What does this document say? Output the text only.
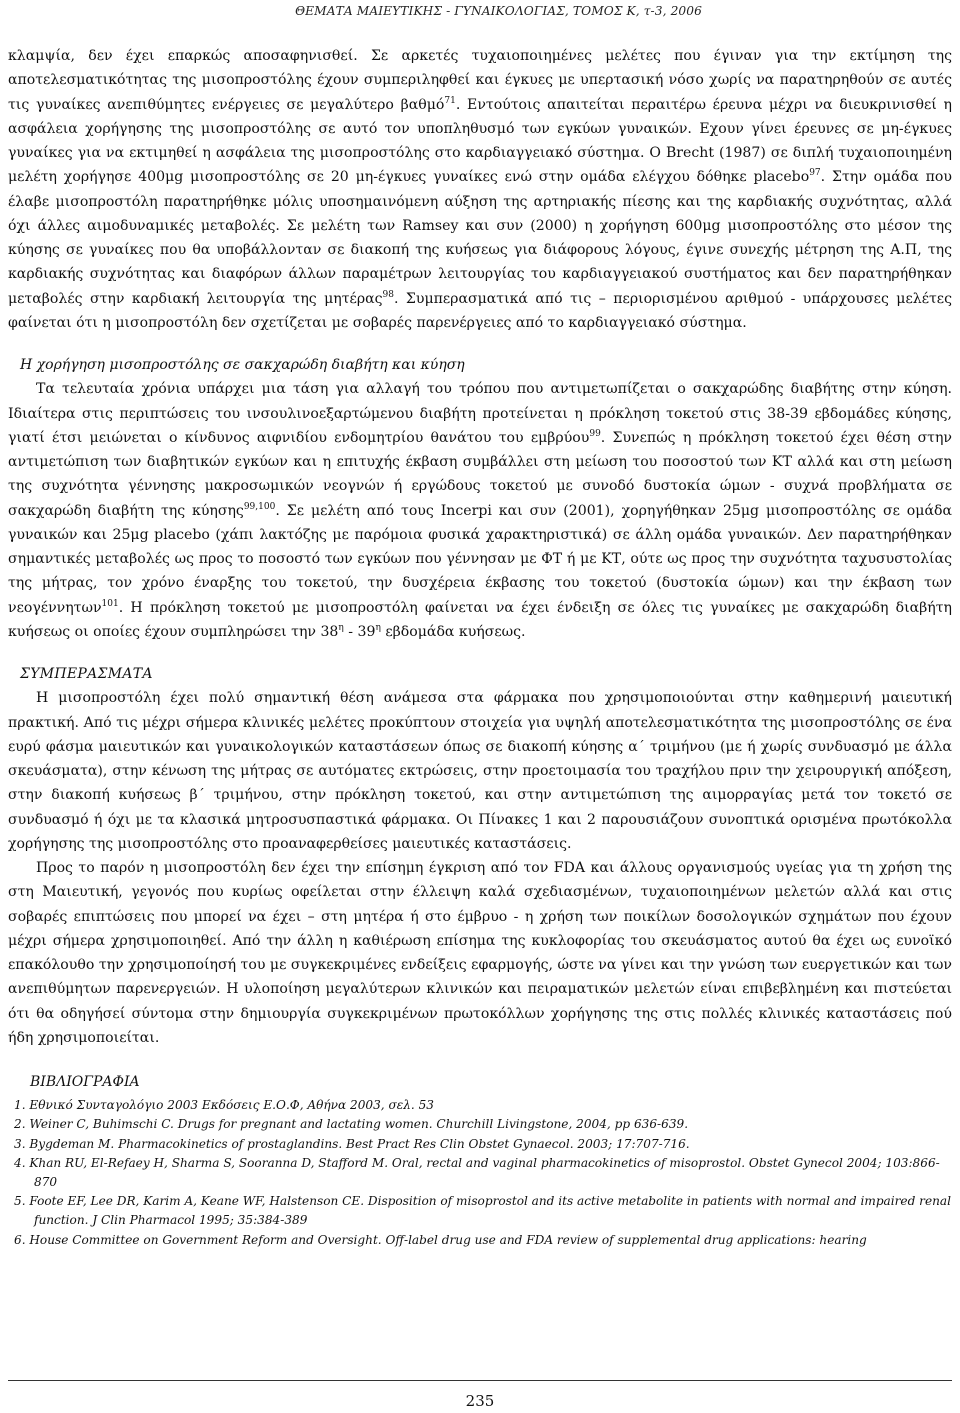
ΘΕΜΑΤΑ ΜΑΙΕΥΤΙΚΗΣ - ΓΥΝΑΙΚΟΛΟΓΙΑΣ, ΤΟΜΟΣ Κ, τ-3, 2006

κλαμψία, δεν έχει επαρκώς αποσαφηνισθεί. Σε αρκετές τυχαιοποιημένες μελέτες που έγιναν για την εκτίμηση της αποτελεσματικότητας της μισοπροστόλης έχουν συμπεριληφθεί και έγκυες με υπερτασική νόσο χωρίς να παρατηρηθούν σε αυτές τις γυναίκες ανεπιθύμητες ενέργειες σε μεγαλύτερο βαθμό$^{71}$. Εντούτοις απαιτείται περαιτέρω έρευνα μέχρι να διευκρινισθεί η ασφάλεια χορήγησης της μισοπροστόλης σε αυτό τον υποπληθυσμό των εγκύων γυναικών. Εχουν γίνει έρευνες σε μη-έγκυες γυναίκες για να εκτιμηθεί η ασφάλεια της μισοπροστόλης στο καρδιαγγειακό σύστημα. Ο Brecht (1987) σε διπλή τυχαιοποιημένη μελέτη χορήγησε 400μg μισοπροστόλης σε 20 μη-έγκυες γυναίκες ενώ στην ομάδα ελέγχου δόθηκε placebo$^{97}$. Στην ομάδα που έλαβε μισοπροστόλη παρατηρήθηκε μόλις υποσημαινόμενη αύξηση της αρτηριακής πίεσης και της καρδιακής συχνότητας, αλλά όχι άλλες αιμοδυναμικές μεταβολές. Σε μελέτη των Ramsey και συν (2000) η χορήγηση 600μg μισοπροστόλης στο μέσον της κύησης σε γυναίκες που θα υποβάλλονταν σε διακοπή της κυήσεως για διάφορους λόγους, έγινε συνεχής μέτρηση της Α.Π, της καρδιακής συχνότητας και διαφόρων άλλων παραμέτρων λειτουργίας του καρδιαγγειακού συστήματος και δεν παρατηρήθηκαν μεταβολές στην καρδιακή λειτουργία της μητέρας$^{98}$. Συμπερασματικά από τις – περιορισμένου αριθμού - υπάρχουσες μελέτες φαίνεται ότι η μισοπροστόλη δεν σχετίζεται με σοβαρές παρενέργειες από το καρδιαγγειακό σύστημα.

Η χορήγηση μισοπροστόλης σε σακχαρώδη διαβήτη και κύηση

Τα τελευταία χρόνια υπάρχει μια τάση για αλλαγή του τρόπου που αντιμετωπίζεται ο σακχαρώδης διαβήτης στην κύηση. Ιδιαίτερα στις περιπτώσεις του ινσουλινοεξαρτώμενου διαβήτη προτείνεται η πρόκληση τοκετού στις 38-39 εβδομάδες κύησης, γιατί έτσι μειώνεται ο κίνδυνος αιφνιδίου ενδομητρίου θανάτου του εμβρύου$^{99}$. Συνεπώς η πρόκληση τοκετού έχει θέση στην αντιμετώπιση των διαβητικών εγκύων και η επιτυχής έκβαση συμβάλλει στη μείωση του ποσοστού των ΚΤ αλλά και στη μείωση της συχνότητα γέννησης μακροσωμικών νεογνών ή εργώδους τοκετού με συνοδό δυστοκία ώμων - συχνά προβλήματα σε σακχαρώδη διαβήτη της κύησης$^{99,100}$. Σε μελέτη από τους Incerpi και συν (2001), χορηγήθηκαν 25μg μισοπροστόλης σε ομάδα γυναικών και 25μg placebo (χάπι λακτόζης με παρόμοια φυσικά χαρακτηριστικά) σε άλλη ομάδα γυναικών. Δεν παρατηρήθηκαν σημαντικές μεταβολές ως προς το ποσοστό των εγκύων που γέννησαν με ΦΤ ή με ΚΤ, ούτε ως προς την συχνότητα ταχυσυστολίας της μήτρας, τον χρόνο έναρξης του τοκετού, την δυσχέρεια έκβασης του τοκετού (δυστοκία ώμων) και την έκβαση των νεογέννητων$^{101}$. Η πρόκληση τοκετού με μισοπροστόλη φαίνεται να έχει ένδειξη σε όλες τις γυναίκες με σακχαρώδη διαβήτη κυήσεως οι οποίες έχουν συμπληρώσει την $38^\eta - 39^\eta$ εβδομάδα κυήσεως.

ΣΥΜΠΕΡΑΣΜΑΤΑ

Η μισοπροστόλη έχει πολύ σημαντική θέση ανάμεσα στα φάρμακα που χρησιμοποιούνται στην καθημερινή μαιευτική πρακτική. Από τις μέχρι σήμερα κλινικές μελέτες προκύπτουν στοιχεία για υψηλή αποτελεσματικότητα της μισοπροστόλης σε ένα ευρύ φάσμα μαιευτικών και γυναικολογικών καταστάσεων όπως σε διακοπή κύησης α΄ τριμήνου (με ή χωρίς συνδυασμό με άλλα σκευάσματα), στην κένωση της μήτρας σε αυτόματες εκτρώσεις, στην προετοιμασία του τραχήλου πριν την χειρουργική απόξεση, στην διακοπή κυήσεως β΄ τριμήνου, στην πρόκληση τοκετού, και στην αντιμετώπιση της αιμορραγίας μετά τον τοκετό σε συνδυασμό ή όχι με τα κλασικά μητροσυσπαστικά φάρμακα. Οι Πίνακες 1 και 2 παρουσιάζουν συνοπτικά ορισμένα πρωτόκολλα χορήγησης της μισοπροστόλης στο προαναφερθείσες μαιευτικές καταστάσεις.

Προς το παρόν η μισοπροστόλη δεν έχει την επίσημη έγκριση από τον FDA και άλλους οργανισμούς υγείας για τη χρήση της στη Μαιευτική, γεγονός που κυρίως οφείλεται στην έλλειψη καλά σχεδιασμένων, τυχαιοποιημένων μελετών αλλά και στις σοβαρές επιπτώσεις που μπορεί να έχει – στη μητέρα ή στο έμβρυο - η χρήση των ποικίλων δοσολογικών σχημάτων που έχουν μέχρι σήμερα χρησιμοποιηθεί. Από την άλλη η καθιέρωση επίσημα της κυκλοφορίας του σκευάσματος αυτού θα έχει ως ευνοϊκό επακόλουθο την χρησιμοποίησή του με συγκεκριμένες ενδείξεις εφαρμογής, ώστε να γίνει και την γνώση των ευεργετικών και των ανεπιθύμητων παρενεργειών. Η υλοποίηση μεγαλύτερων κλινικών και πειραματικών μελετών είναι επιβεβλημένη και πιστεύεται ότι θα οδηγήσεί σύντομα στην δημιουργία συγκεκριμένων πρωτοκόλλων χορήγησης της στις πολλές κλινικές καταστάσεις πού ήδη χρησιμοποιείται.

ΒΙΒΛΙΟΓΡΑΦΙΑ

1. Εθνικό Συνταγολόγιο 2003 Εκδόσεις Ε.Ο.Φ, Αθήνα 2003, σελ. 53

2. Weiner C, Buhimschi C. Drugs for pregnant and lactating women. Churchill Livingstone, 2004, pp 636-639.

3. Bygdeman M. Pharmacokinetics of prostaglandins. Best Pract Res Clin Obstet Gynaecol. 2003; 17:707-716.

4. Khan RU, El-Refaey H, Sharma S, Sooranna D, Stafford M. Oral, rectal and vaginal pharmacokinetics of misoprostol. Obstet Gynecol 2004; 103:866-870

5. Foote EF, Lee DR, Karim A, Keane WF, Halstenson CE. Disposition of misoprostol and its active metabolite in patients with normal and impaired renal function. J Clin Pharmacol 1995; 35:384-389

6. House Committee on Government Reform and Oversight. Off-label drug use and FDA review of supplemental drug applications: hearing

235
